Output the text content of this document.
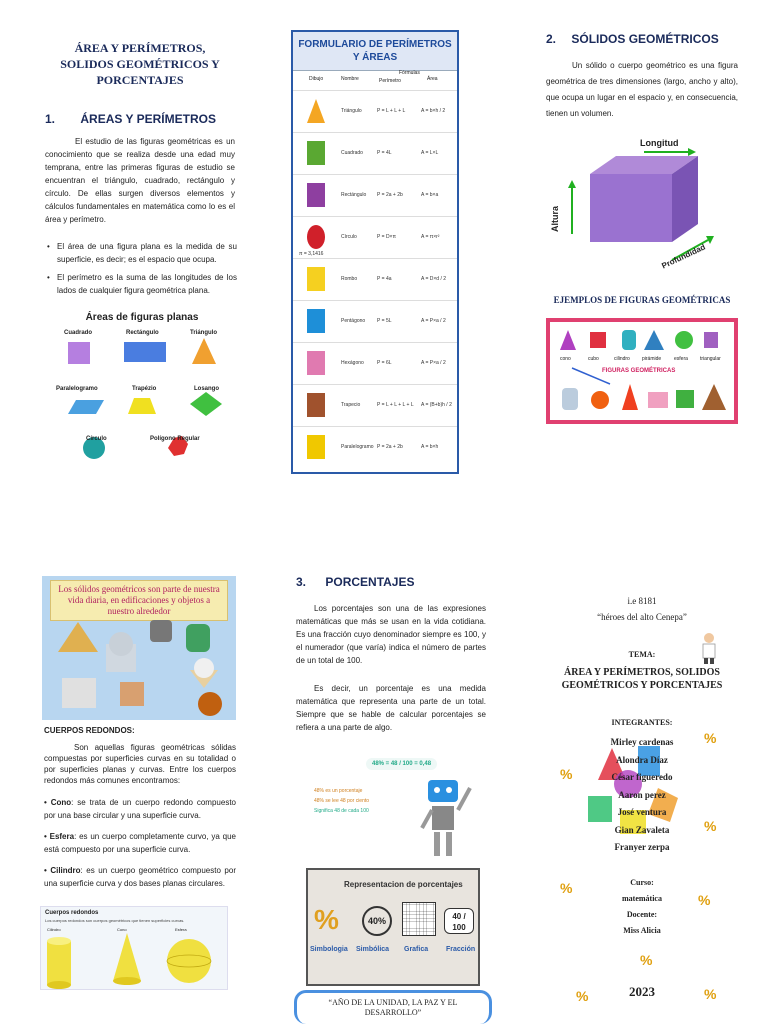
ÁREA Y PERÍMETROS, SOLIDOS GEOMÉTRICOS Y PORCENTAJES
1. ÁREAS Y PERÍMETROS
El estudio de las figuras geométricas es un conocimiento que se realiza desde una edad muy temprana, entre las primeras figuras de estudio se encuentran el triángulo, cuadrado, rectángulo y círculo. De ellas surgen diversos elementos y cálculos fundamentales en matemática como lo es el área y perímetro.
• El área de una figura plana es la medida de su superficie, es decir; es el espacio que ocupa.
• El perímetro es la suma de las longitudes de los lados de cualquier figura geométrica plana.
Áreas de figuras planas
Cuadrado	Rectángulo	Triángulo
Paralelogramo	Trapézio	Losango
Círculo	Polígono Regular
FORMULARIO DE PERÍMETROS Y ÁREAS
Dibujo	Nombre	Perímetro	Área
Fórmulas
Triángulo	P = L + L + L	A = b×h / 2
Cuadrado	P = 4L	A = L×L
Rectángulo P = 2a + 2b	A = b×a
Círculo	P = D×π	A = π×r²
π = 3,1416
Rombo	P = 4a	A = D×d / 2
Pentágono P = 5L	A = P×a / 2
Hexágono	P = 6L	A = P×a / 2
Trapecio	P = L + L + L + L A = (B+b)h / 2
Paralelogramo P = 2a + 2b	A = b×h
2. SÓLIDOS GEOMÉTRICOS
Un sólido o cuerpo geométrico es una figura geométrica de tres dimensiones (largo, ancho y alto), que ocupa un lugar en el espacio y, en consecuencia, tienen un volumen.
Longitud
Altura
Profundidad
EJEMPLOS DE FIGURAS GEOMÉTRICAS
cono	cubo	cilindro pirámide	esfera triangular
FIGURAS GEOMÉTRICAS
Los sólidos geométricos son parte de nuestra vida diaria, en edificaciones y objetos a nuestro alrededor
CUERPOS REDONDOS:
Son aquellas figuras geométricas sólidas compuestas por superficies curvas en su totalidad o por superficies planas y curvas. Entre los cuerpos redondos más comunes encontramos:
• Cono: se trata de un cuerpo redondo compuesto por una base circular y una superficie curva.
• Esfera: es un cuerpo completamente curvo, ya que está compuesto por una superficie curva.
• Cilindro: es un cuerpo geométrico compuesto por una superficie curva y dos bases planas circulares.
Cuerpos redondos
Los cuerpos redondos son cuerpos geométricos que tienen superficies curvas.
Cilindro	Cono	Esfera
3. PORCENTAJES
Los porcentajes son una de las expresiones matemáticas que más se usan en la vida cotidiana. Es una fracción cuyo denominador siempre es 100, y el numerador (que varía) indica el número de partes de un total de 100.
Es decir, un porcentaje es una medida matemática que representa una parte de un total. Siempre que se hable de calcular porcentajes se refiera a una parte de algo.
48% = 48 / 100 = 0,48
48% es un porcentaje
48% se lee 48 por ciento
Significa 48 de cada 100
Representacion de porcentajes
%	40%	40 / 100
Simbologia Simbólica Grafica	Fracción
“AÑO DE LA UNIDAD, LA PAZ Y EL DESARROLLO”
i.e 8181
“héroes del alto Cenepa”
TEMA:
ÁREA Y PERÍMETROS, SOLIDOS GEOMÉTRICOS Y PORCENTAJES
INTEGRANTES:
Mirley cardenas
Alondra Díaz
César figueredo
Aaron perez
José ventura
Gian Zavaleta
Franyer zerpa
Curso:
matemática
Docente:
Miss Alicia
2023
%
%
%
%
%
%
%	%
